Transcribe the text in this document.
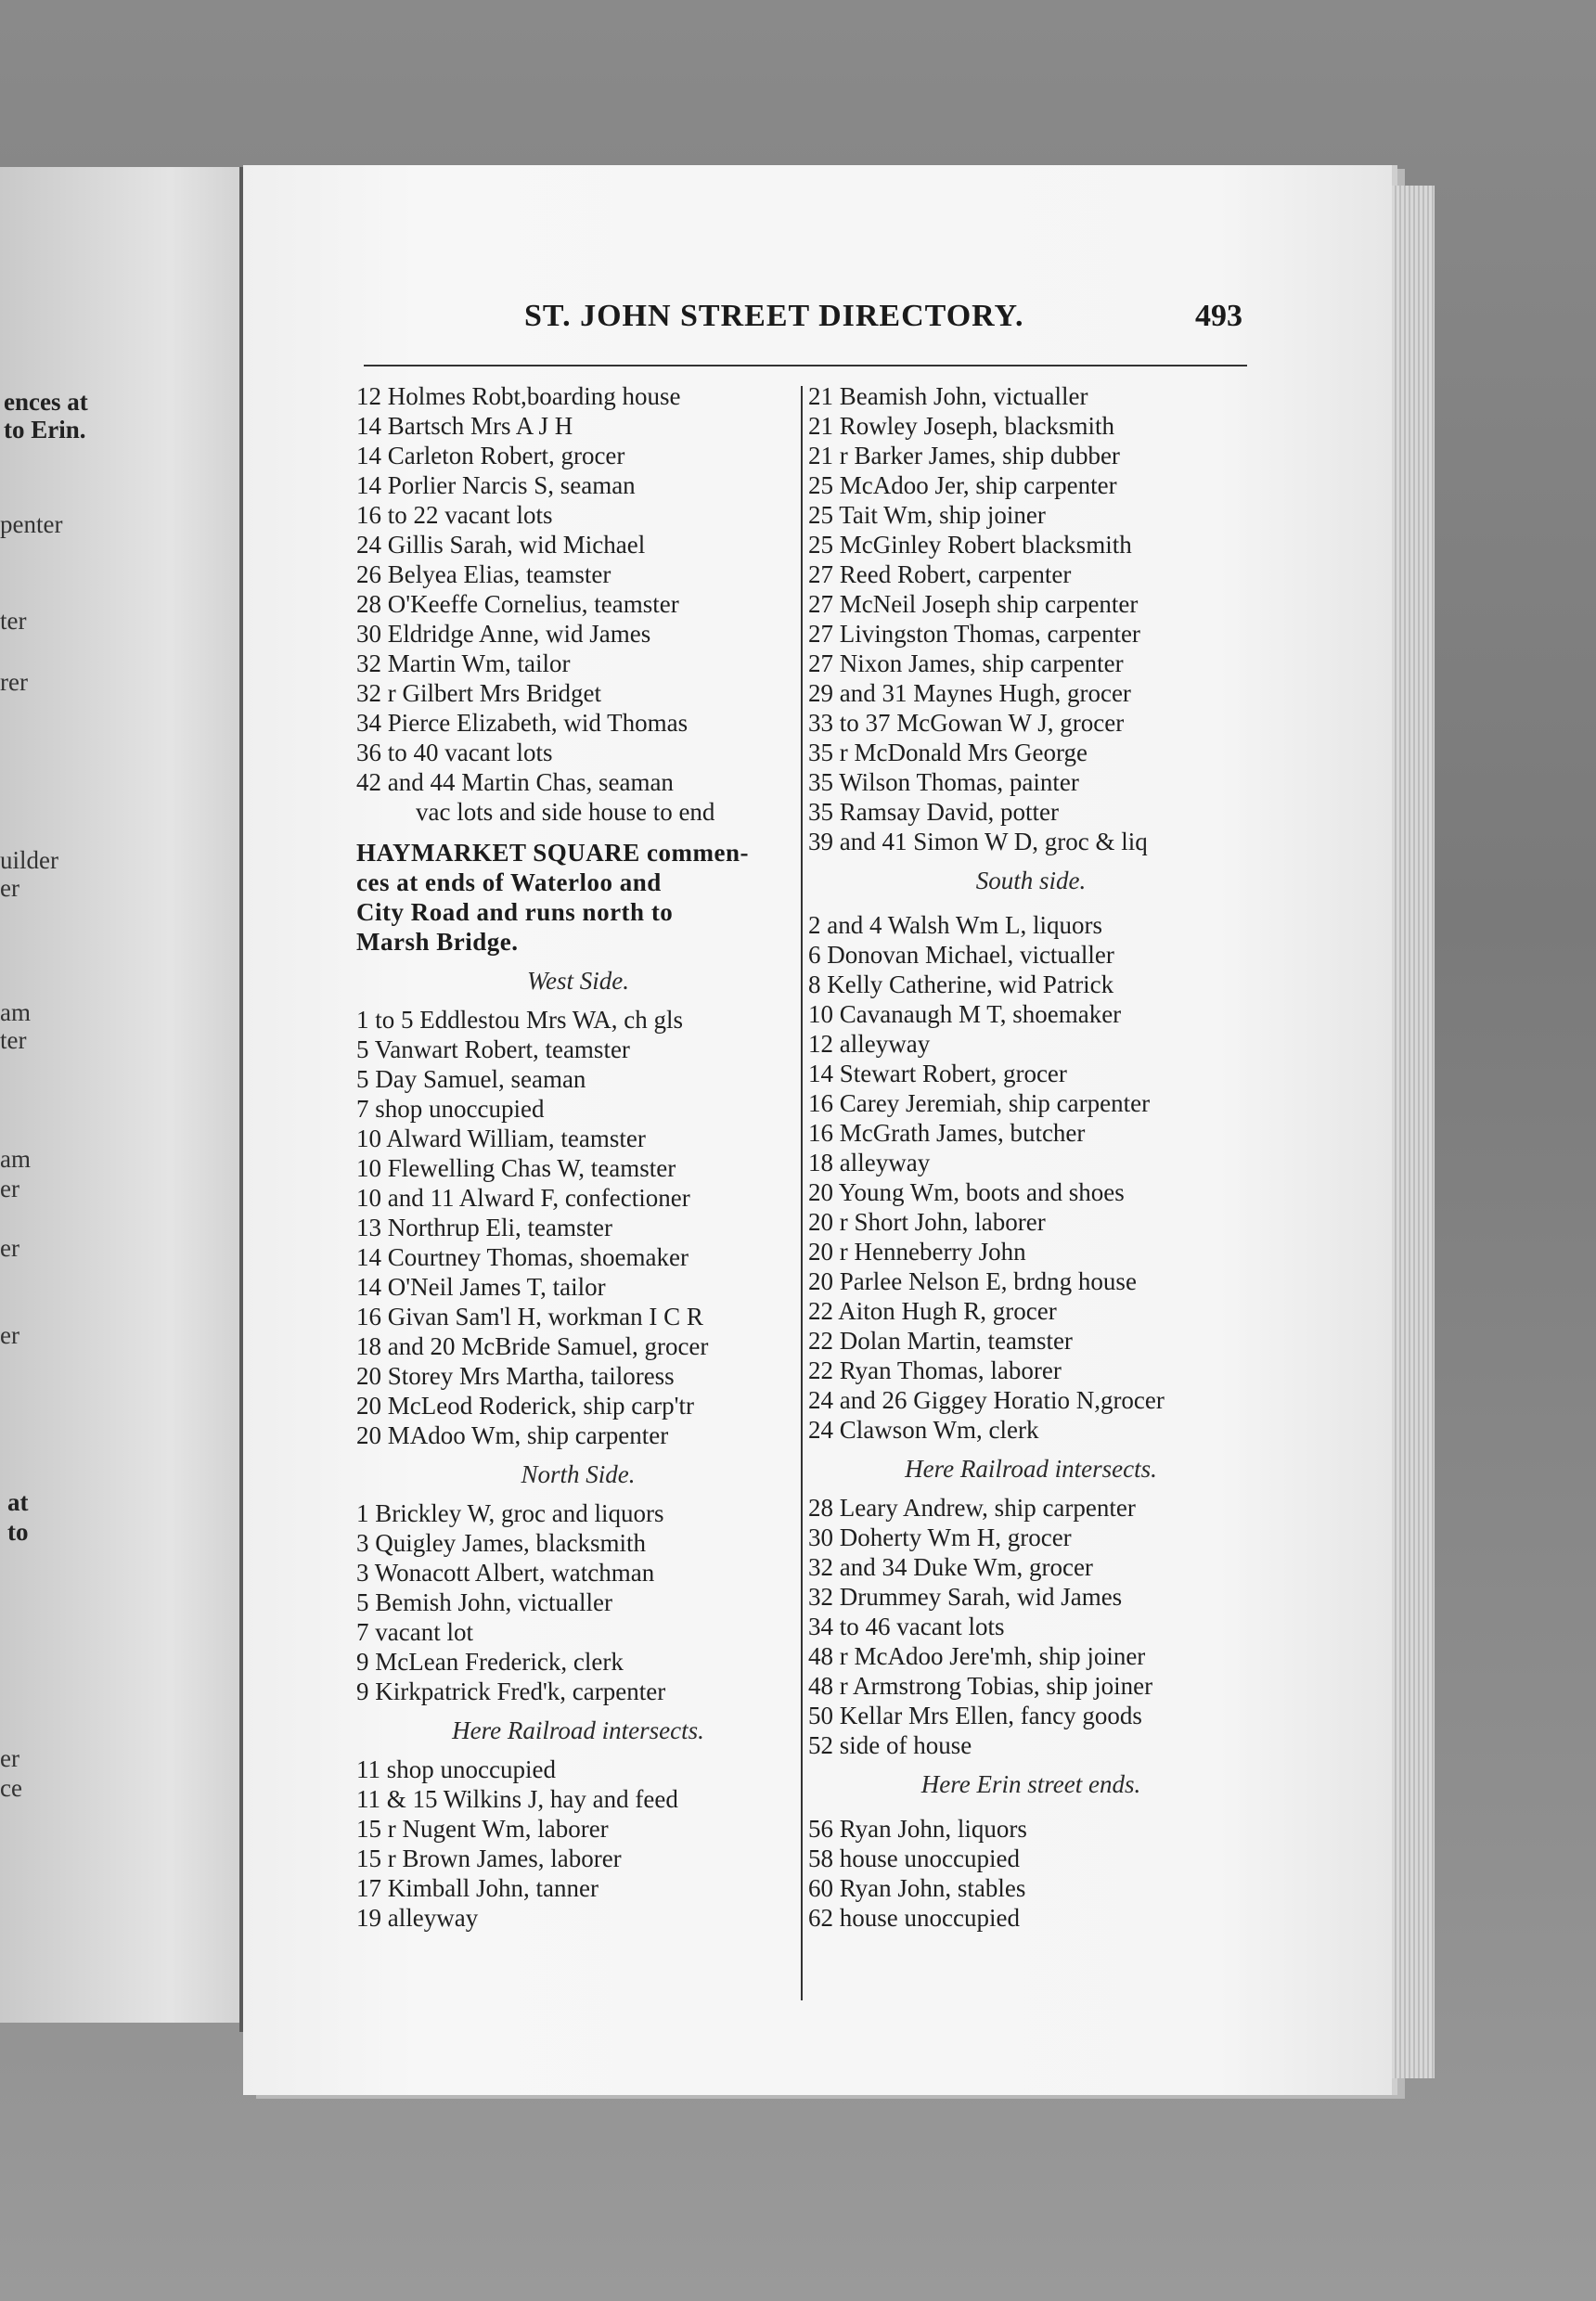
ences at
to Erin.
penter
ter
rer
uilder
er
am
ter
am
er
er
er
at
to
er
ce
ST. JOHN STREET DIRECTORY.	493
12 Holmes Robt,boarding house
14 Bartsch Mrs A J H
14 Carleton Robert, grocer
14 Porlier Narcis S, seaman
16 to 22 vacant lots
24 Gillis Sarah, wid Michael
26 Belyea Elias, teamster
28 O'Keeffe Cornelius, teamster
30 Eldridge Anne, wid James
32 Martin Wm, tailor
32 r Gilbert Mrs Bridget
34 Pierce Elizabeth, wid Thomas
36 to 40 vacant lots
42 and 44 Martin Chas, seaman
vac lots and side house to end
HAYMARKET SQUARE commen-
ces at ends of Waterloo and
City Road and runs north to
Marsh Bridge.
West Side.
1 to 5 Eddlestou Mrs WA, ch gls
5 Vanwart Robert, teamster
5 Day Samuel, seaman
7 shop unoccupied
10 Alward William, teamster
10 Flewelling Chas W, teamster
10 and 11 Alward F, confectioner
13 Northrup Eli, teamster
14 Courtney Thomas, shoemaker
14 O'Neil James T, tailor
16 Givan Sam'l H, workman I C R
18 and 20 McBride Samuel, grocer
20 Storey Mrs Martha, tailoress
20 McLeod Roderick, ship carp'tr
20 MAdoo Wm, ship carpenter
North Side.
1 Brickley W, groc and liquors
3 Quigley James, blacksmith
3 Wonacott Albert, watchman
5 Bemish John, victualler
7 vacant lot
9 McLean Frederick, clerk
9 Kirkpatrick Fred'k, carpenter
Here Railroad intersects.
11 shop unoccupied
11 & 15 Wilkins J, hay and feed
15 r Nugent Wm, laborer
15 r Brown James, laborer
17 Kimball John, tanner
19 alleyway
21 Beamish John, victualler
21 Rowley Joseph, blacksmith
21 r Barker James, ship dubber
25 McAdoo Jer, ship carpenter
25 Tait Wm, ship joiner
25 McGinley Robert blacksmith
27 Reed Robert, carpenter
27 McNeil Joseph ship carpenter
27 Livingston Thomas, carpenter
27 Nixon James, ship carpenter
29 and 31 Maynes Hugh, grocer
33 to 37 McGowan W J, grocer
35 r McDonald Mrs George
35 Wilson Thomas, painter
35 Ramsay David, potter
39 and 41 Simon W D, groc & liq
South side.
2 and 4 Walsh Wm L, liquors
6 Donovan Michael, victualler
8 Kelly Catherine, wid Patrick
10 Cavanaugh M T, shoemaker
12 alleyway
14 Stewart Robert, grocer
16 Carey Jeremiah, ship carpenter
16 McGrath James, butcher
18 alleyway
20 Young Wm, boots and shoes
20 r Short John, laborer
20 r Henneberry John
20 Parlee Nelson E, brdng house
22 Aiton Hugh R, grocer
22 Dolan Martin, teamster
22 Ryan Thomas, laborer
24 and 26 Giggey Horatio N,grocer
24 Clawson Wm, clerk
Here Railroad intersects.
28 Leary Andrew, ship carpenter
30 Doherty Wm H, grocer
32 and 34 Duke Wm, grocer
32 Drummey Sarah, wid James
34 to 46 vacant lots
48 r McAdoo Jere'mh, ship joiner
48 r Armstrong Tobias, ship joiner
50 Kellar Mrs Ellen, fancy goods
52 side of house
Here Erin street ends.
56 Ryan John, liquors
58 house unoccupied
60 Ryan John, stables
62 house unoccupied
